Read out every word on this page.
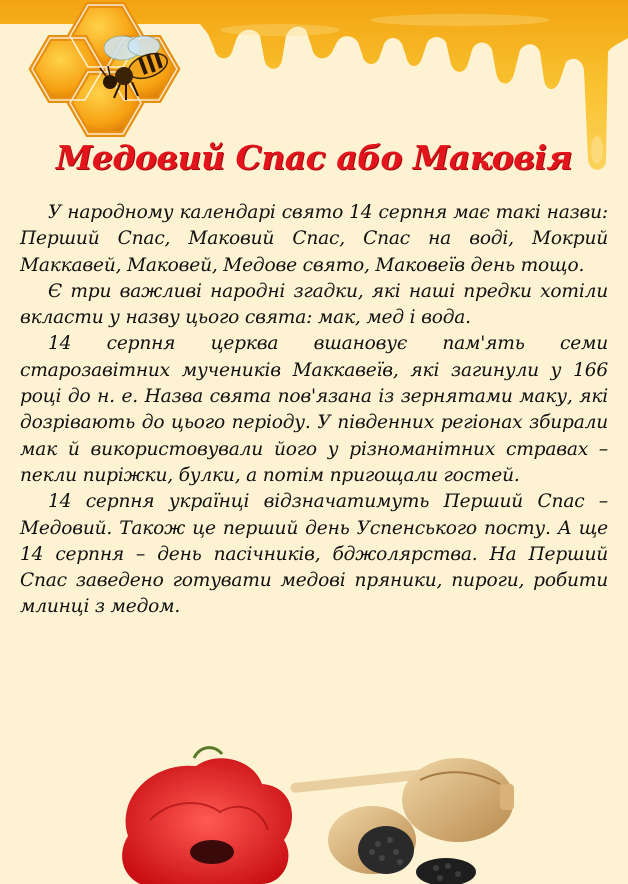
Медовий Спас або Маковія

У народному календарі свято 14 серпня має такі назви: Перший Спас, Маковий Спас, Спас на воді, Мокрий Маккавей, Маковей, Медове свято, Маковеїв день тощо.

Є три важливі народні згадки, які наші предки хотіли вкласти у назву цього свята: мак, мед і вода.

14 серпня церква вшановує пам'ять семи старозавітних мучеників Маккавеїв, які загинули у 166 році до н. е. Назва свята пов'язана із зернятами маку, які дозрівають до цього періоду. У південних регіонах збирали мак й використовували його у різноманітних стравах – пекли пиріжки, булки, а потім пригощали гостей.

14 серпня українці відзначатимуть Перший Спас – Медовий. Також це перший день Успенського посту. А ще 14 серпня – день пасічників, бджолярства. На Перший Спас заведено готувати медові пряники, пироги, робити млинці з медом.
